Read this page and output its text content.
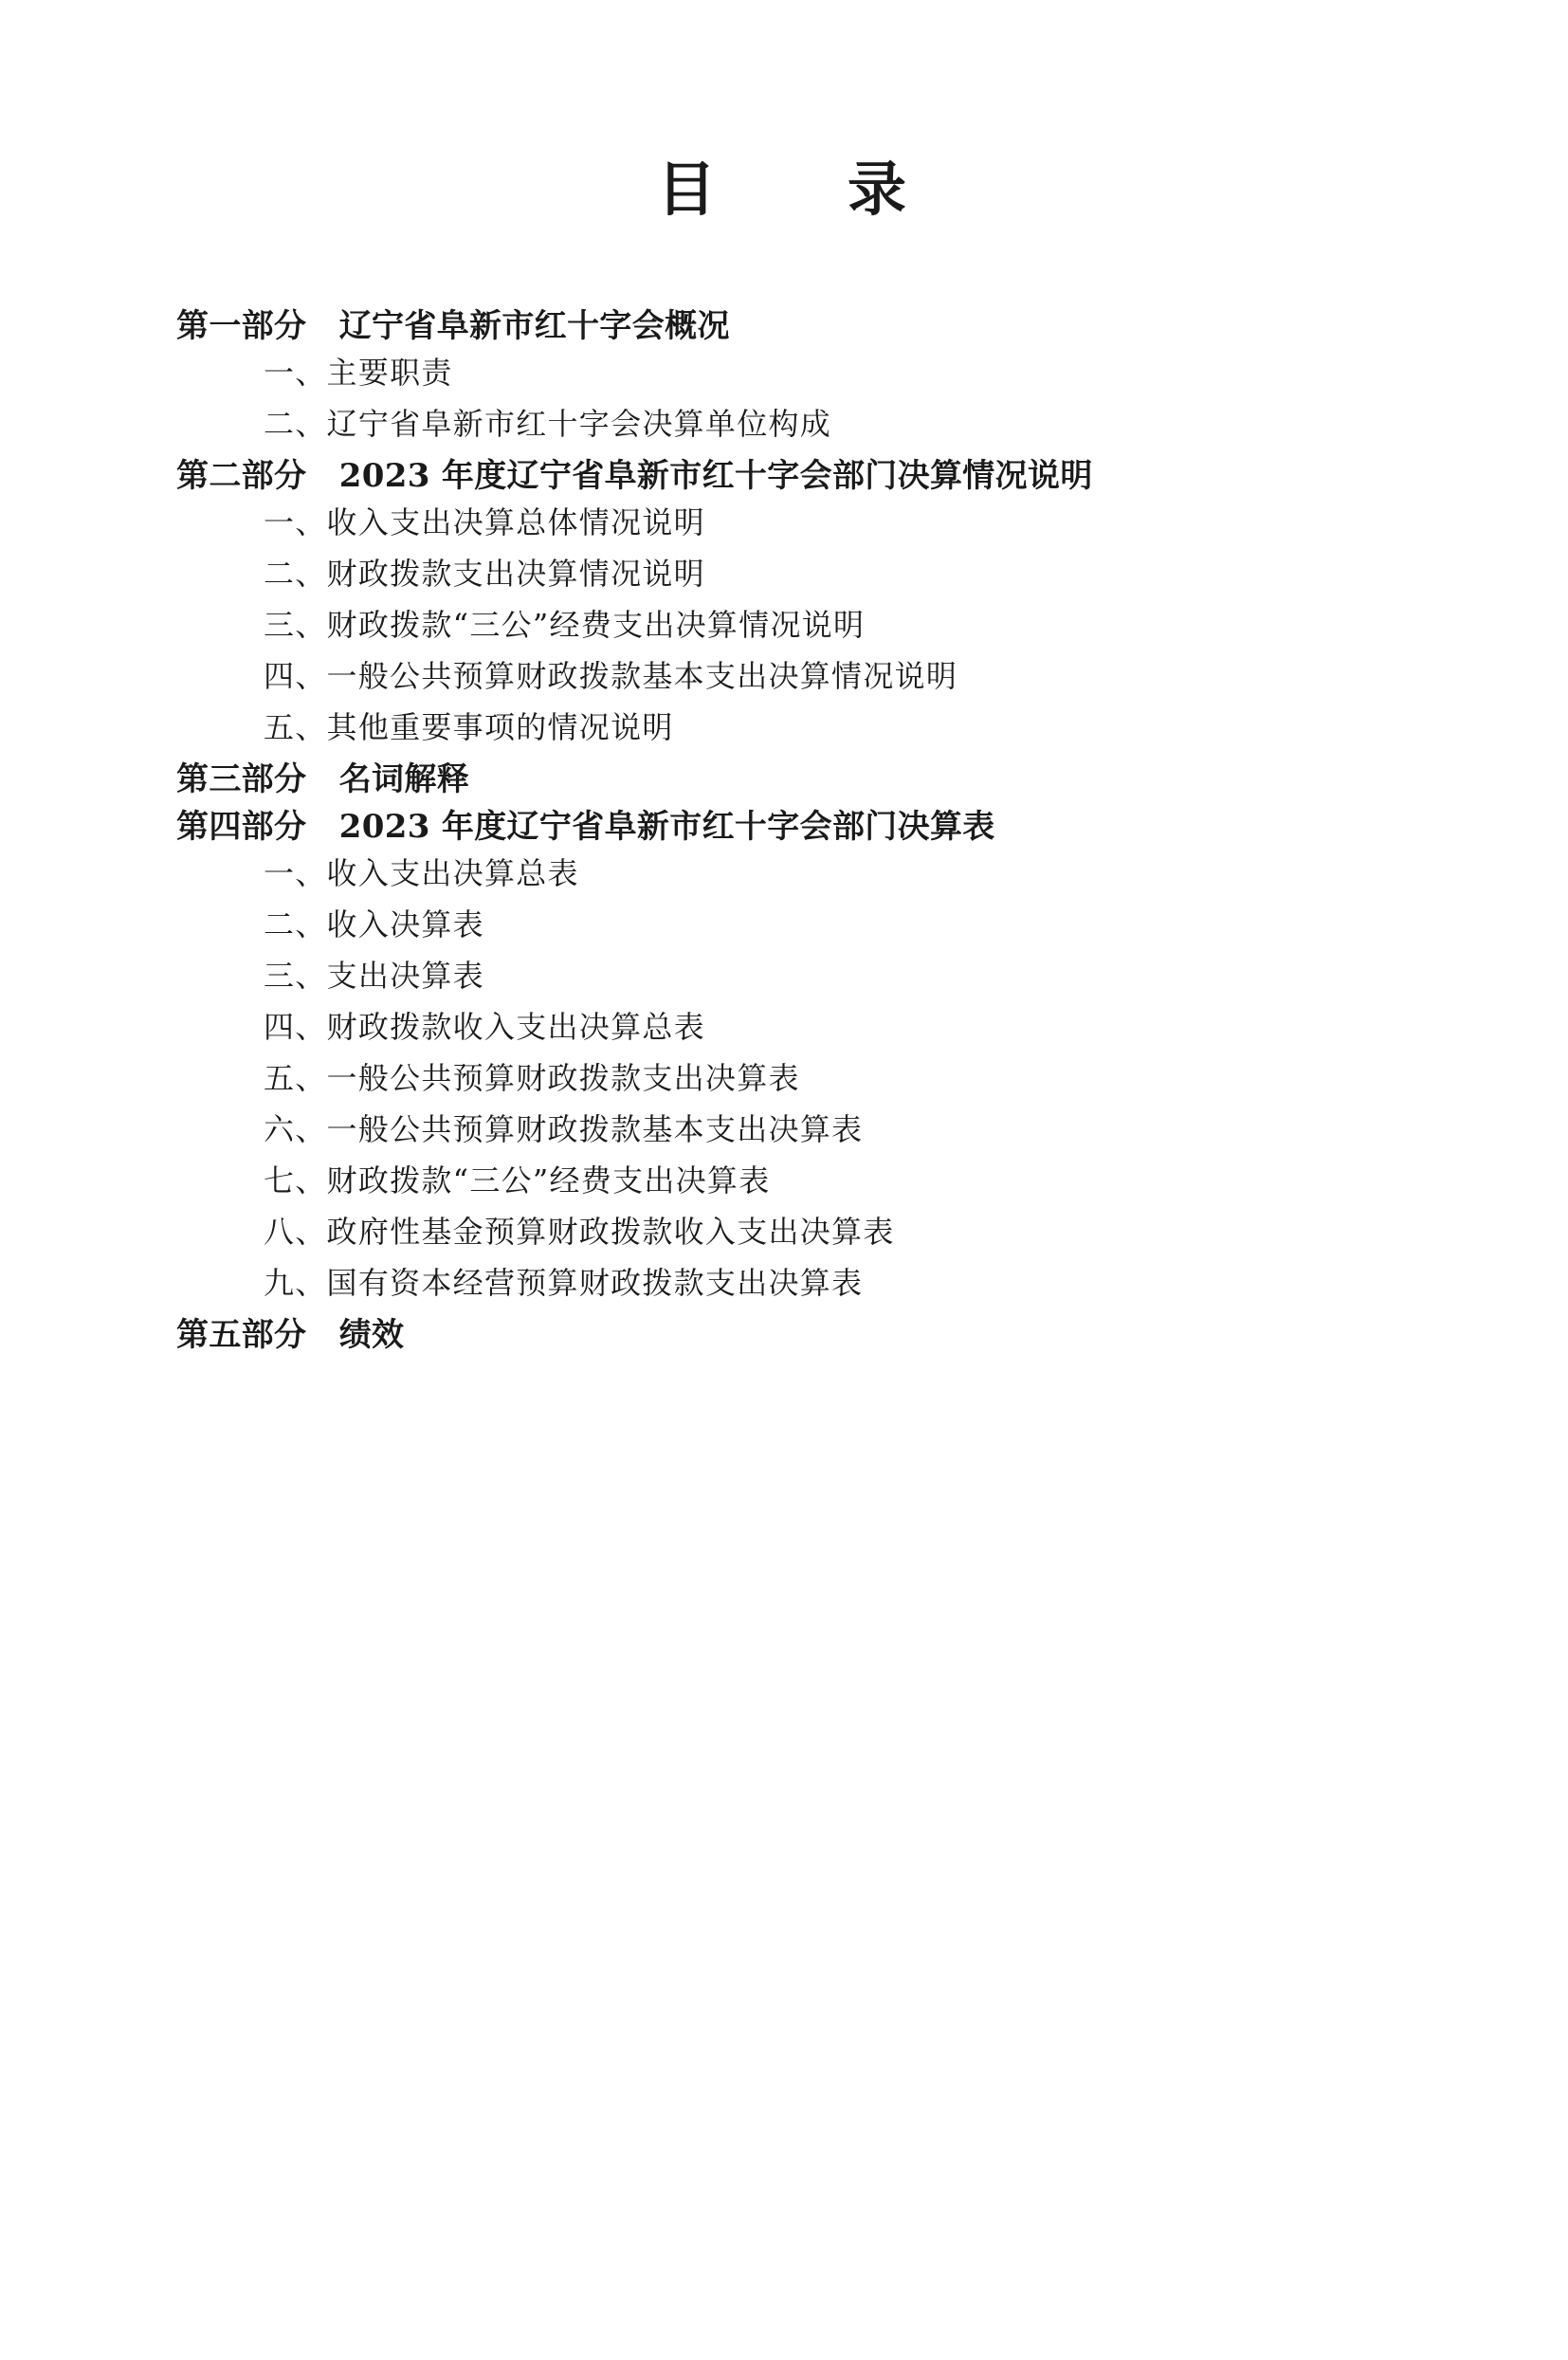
目　　录
第一部分　辽宁省阜新市红十字会概况
一、主要职责
二、辽宁省阜新市红十字会决算单位构成
第二部分　2023 年度辽宁省阜新市红十字会部门决算情况说明
一、收入支出决算总体情况说明
二、财政拨款支出决算情况说明
三、财政拨款“三公”经费支出决算情况说明
四、一般公共预算财政拨款基本支出决算情况说明
五、其他重要事项的情况说明
第三部分　名词解释
第四部分　2023 年度辽宁省阜新市红十字会部门决算表
一、收入支出决算总表
二、收入决算表
三、支出决算表
四、财政拨款收入支出决算总表
五、一般公共预算财政拨款支出决算表
六、一般公共预算财政拨款基本支出决算表
七、财政拨款“三公”经费支出决算表
八、政府性基金预算财政拨款收入支出决算表
九、国有资本经营预算财政拨款支出决算表
第五部分　绩效
